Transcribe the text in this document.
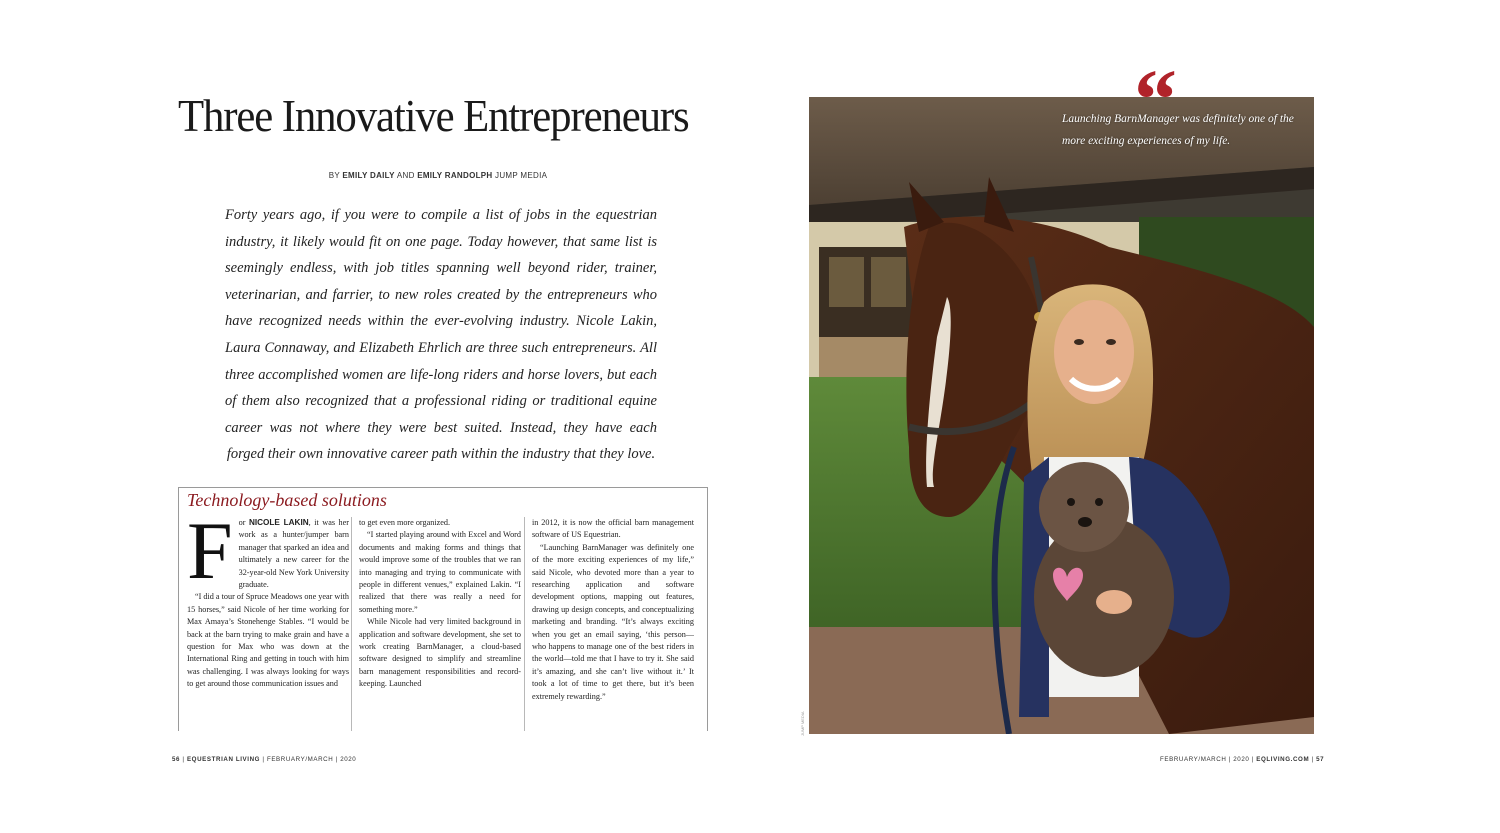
Three Innovative Entrepreneurs
BY EMILY DAILY AND EMILY RANDOLPH JUMP MEDIA
Forty years ago, if you were to compile a list of jobs in the equestrian industry, it likely would fit on one page. Today however, that same list is seemingly endless, with job titles spanning well beyond rider, trainer, veterinarian, and farrier, to new roles created by the entrepreneurs who have recognized needs within the ever-evolving industry. Nicole Lakin, Laura Connaway, and Elizabeth Ehrlich are three such entrepreneurs. All three accomplished women are life-long riders and horse lovers, but each of them also recognized that a professional riding or traditional equine career was not where they were best suited. Instead, they have each forged their own innovative career path within the industry that they love.
Technology-based solutions

For NICOLE LAKIN, it was her work as a hunter/jumper barn manager that sparked an idea and ultimately a new career for the 32-year-old New York University graduate.

“I did a tour of Spruce Meadows one year with 15 horses,” said Nicole of her time working for Max Amaya’s Stonehenge Stables. “I would be back at the barn trying to make grain and have a question for Max who was down at the International Ring and getting in touch with him was challenging. I was always looking for ways to get around those communication issues and

to get even more organized.

“I started playing around with Excel and Word documents and making forms and things that would improve some of the troubles that we ran into managing and trying to communicate with people in different venues,” explained Lakin. “I realized that there was really a need for something more.”

While Nicole had very limited background in application and software development, she set to work creating BarnManager, a cloud-based software designed to simplify and streamline barn management responsibilities and record-keeping. Launched

in 2012, it is now the official barn management software of US Equestrian.

“Launching BarnManager was definitely one of the more exciting experiences of my life,” said Nicole, who devoted more than a year to researching application and software development options, mapping out features, drawing up design concepts, and conceptualizing marketing and branding. “It’s always exciting when you get an email saying, ‘this person—who happens to manage one of the best riders in the world—told me that I have to try it. She said it’s amazing, and she can’t live without it.’ It took a lot of time to get there, but it’s been extremely rewarding.”

56 | EQUESTRIAN LIVING | FEBRUARY/MARCH | 2020	FEBRUARY/MARCH | 2020 | EQLIVING.COM | 57
“
Launching BarnManager was definitely one of the more exciting experiences of my life.
JUMP MEDIA
